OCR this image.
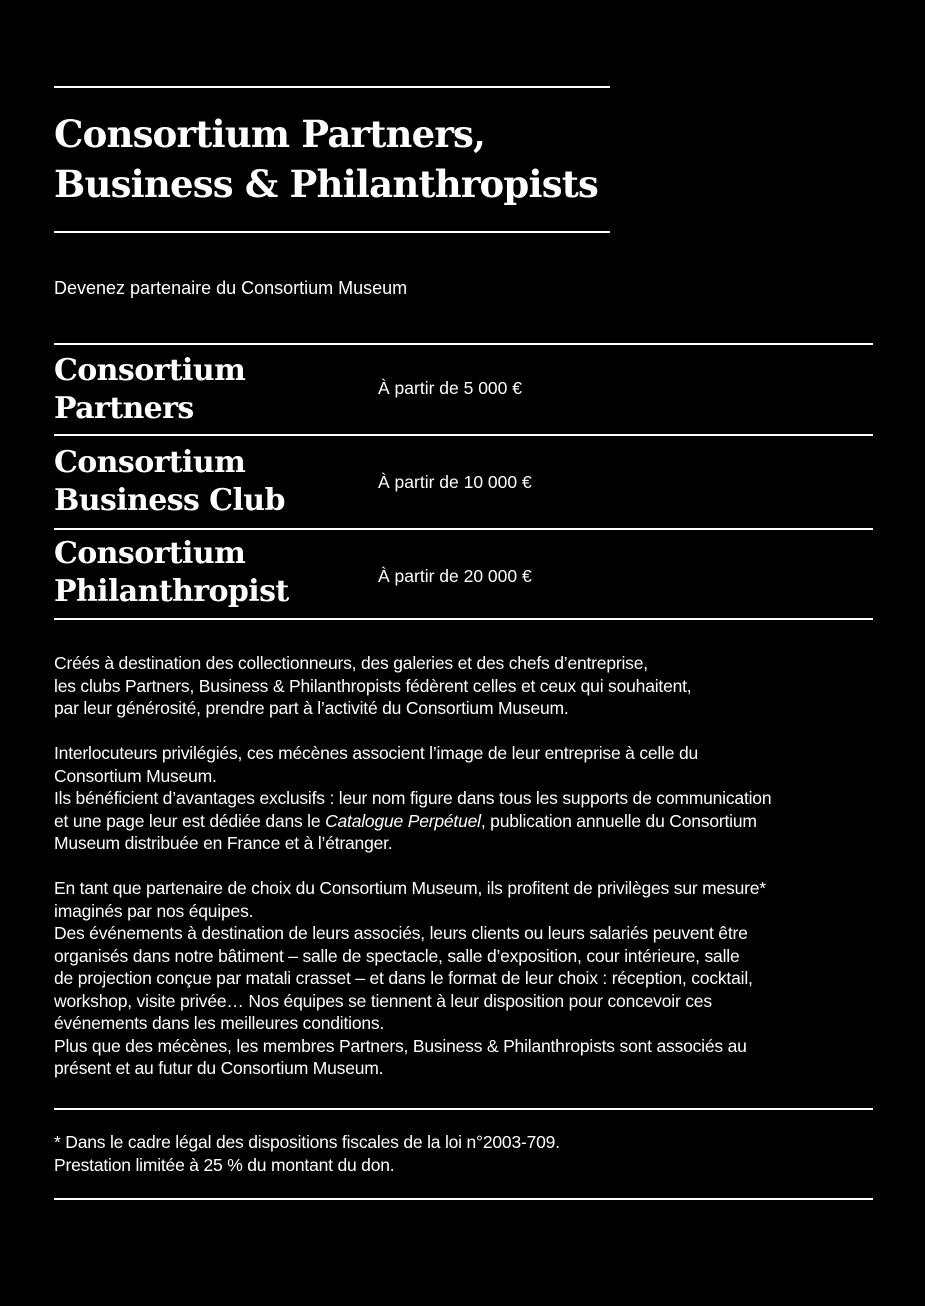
Consortium Partners,
Business & Philanthropists

Devenez partenaire du Consortium Museum

Consortium
Partners
À partir de 5 000 €
Consortium
Business Club
À partir de 10 000 €
Consortium
Philanthropist	À partir de 20 000 €

Créés à destination des collectionneurs, des galeries et des chefs d’entreprise,
les clubs Partners, Business & Philanthropists fédèrent celles et ceux qui souhaitent,
par leur générosité, prendre part à l’activité du Consortium Museum.

Interlocuteurs privilégiés, ces mécènes associent l’image de leur entreprise à celle du
Consortium Museum.
Ils bénéficient d’avantages exclusifs : leur nom figure dans tous les supports de communication
et une page leur est dédiée dans le Catalogue Perpétuel, publication annuelle du Consortium
Museum distribuée en France et à l’étranger.

En tant que partenaire de choix du Consortium Museum, ils profitent de privilèges sur mesure*
imaginés par nos équipes.
Des événements à destination de leurs associés, leurs clients ou leurs salariés peuvent être
organisés dans notre bâtiment – salle de spectacle, salle d’exposition, cour intérieure, salle
de projection conçue par matali crasset – et dans le format de leur choix : réception, cocktail,
workshop, visite privée… Nos équipes se tiennent à leur disposition pour concevoir ces
événements dans les meilleures conditions.
Plus que des mécènes, les membres Partners, Business & Philanthropists sont associés au
présent et au futur du Consortium Museum.

* Dans le cadre légal des dispositions fiscales de la loi n°2003-709.
Prestation limitée à 25 % du montant du don.
